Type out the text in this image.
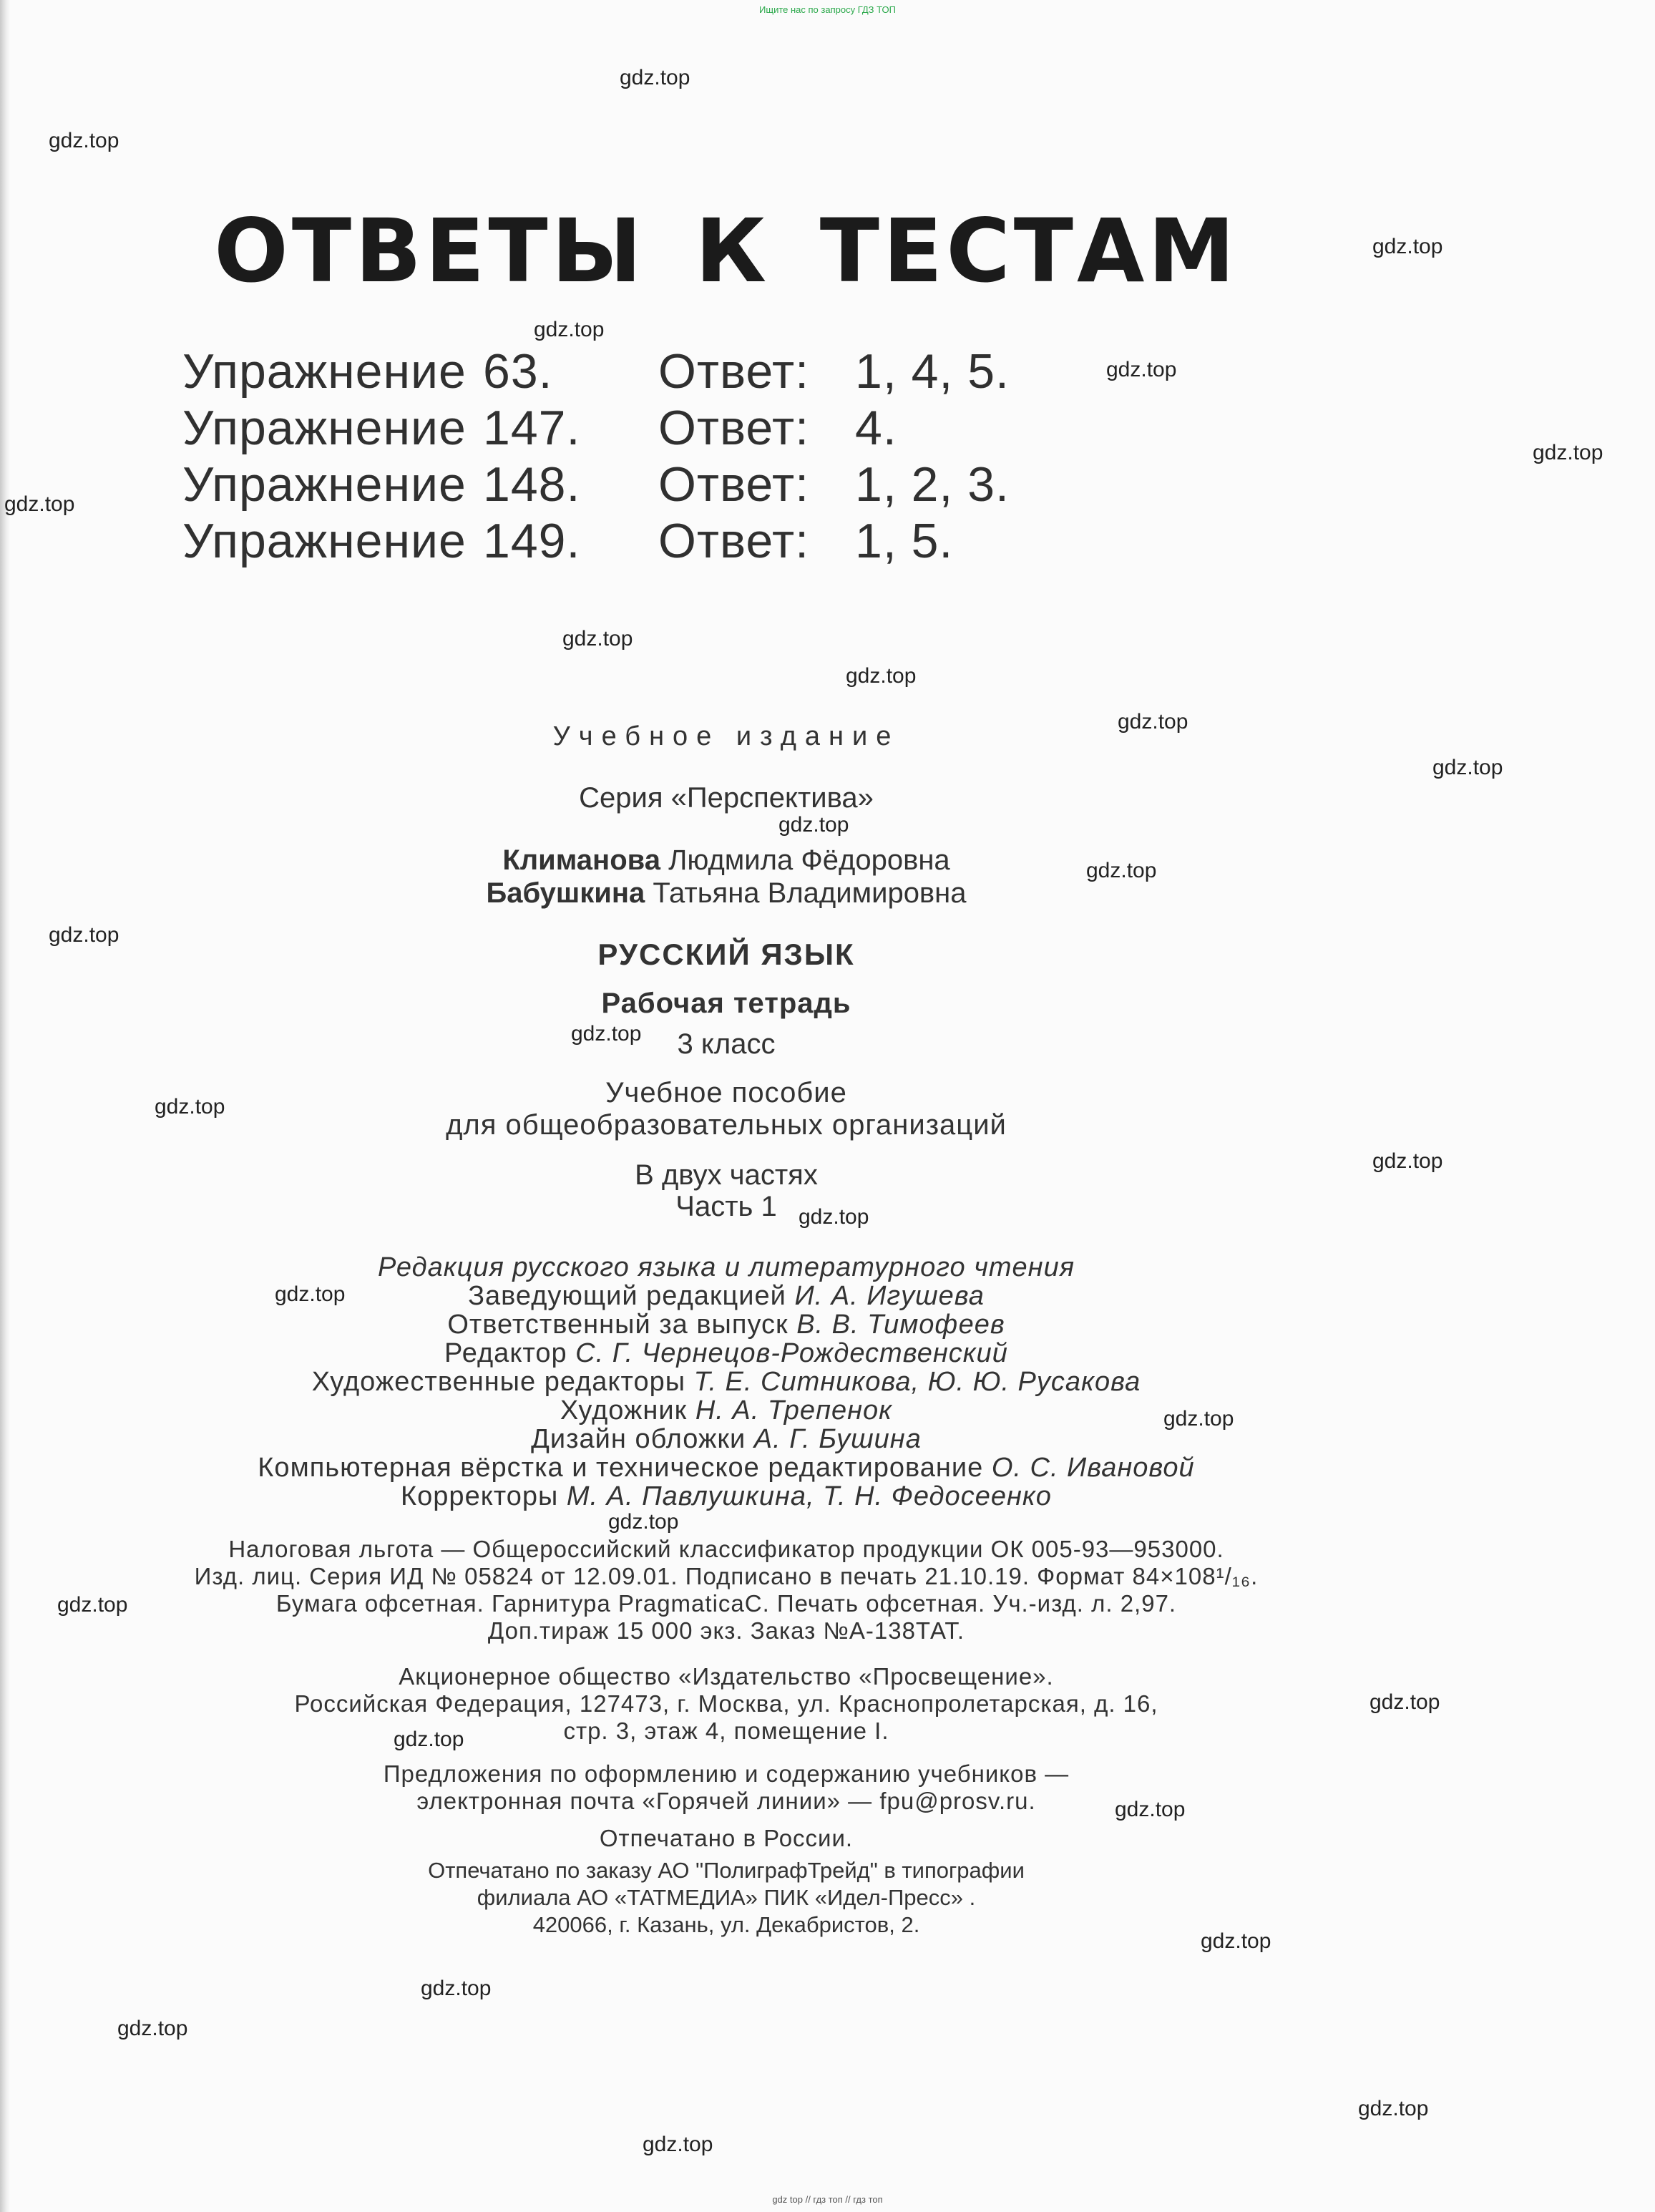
Ищите нас по запросу ГДЗ ТОП
ОТВЕТЫ К ТЕСТАМ
Упражнение 63. Ответ: 1, 4, 5.
Упражнение 147. Ответ: 4.
Упражнение 148. Ответ: 1, 2, 3.
Упражнение 149. Ответ: 1, 5.
Учебное издание
Серия «Перспектива»
Климанова Людмила Фёдоровна
Бабушкина Татьяна Владимировна
РУССКИЙ ЯЗЫК
Рабочая тетрадь
3 класс
Учебное пособие
для общеобразовательных организаций
В двух частях
Часть 1
Редакция русского языка и литературного чтения
Заведующий редакцией И. А. Игушева
Ответственный за выпуск В. В. Тимофеев
Редактор С. Г. Чернецов-Рождественский
Художественные редакторы Т. Е. Ситникова, Ю. Ю. Русакова
Художник Н. А. Трепенок
Дизайн обложки А. Г. Бушина
Компьютерная вёрстка и техническое редактирование О. С. Ивановой
Корректоры М. А. Павлушкина, Т. Н. Федосеенко
Налоговая льгота — Общероссийский классификатор продукции ОК 005-93—953000.
Изд. лиц. Серия ИД № 05824 от 12.09.01. Подписано в печать 21.10.19. Формат 84×108¹/₁₆.
Бумага офсетная. Гарнитура PragmaticaC. Печать офсетная. Уч.-изд. л. 2,97.
Доп.тираж 15 000 экз. Заказ №А-138ТАТ.
Акционерное общество «Издательство «Просвещение».
Российская Федерация, 127473, г. Москва, ул. Краснопролетарская, д. 16,
стр. 3, этаж 4, помещение I.
Предложения по оформлению и содержанию учебников —
электронная почта «Горячей линии» — fpu@prosv.ru.
Отпечатано в России.
Отпечатано по заказу АО "ПолиграфТрейд" в типографии
филиала АО «ТАТМЕДИА» ПИК «Идел-Пресс» .
420066, г. Казань, ул. Декабристов, 2.
gdz.top
gdz.top
gdz.top
gdz.top
gdz.top
gdz.top
gdz.top
gdz.top
gdz.top
gdz.top
gdz.top
gdz.top
gdz.top
gdz.top
gdz.top
gdz.top
gdz.top
gdz.top
gdz.top
gdz.top
gdz.top
gdz.top
gdz.top
gdz.top
gdz.top
gdz.top
gdz.top
gdz.top
gdz.top
gdz.top
gdz top // гдз топ // гдз топ
